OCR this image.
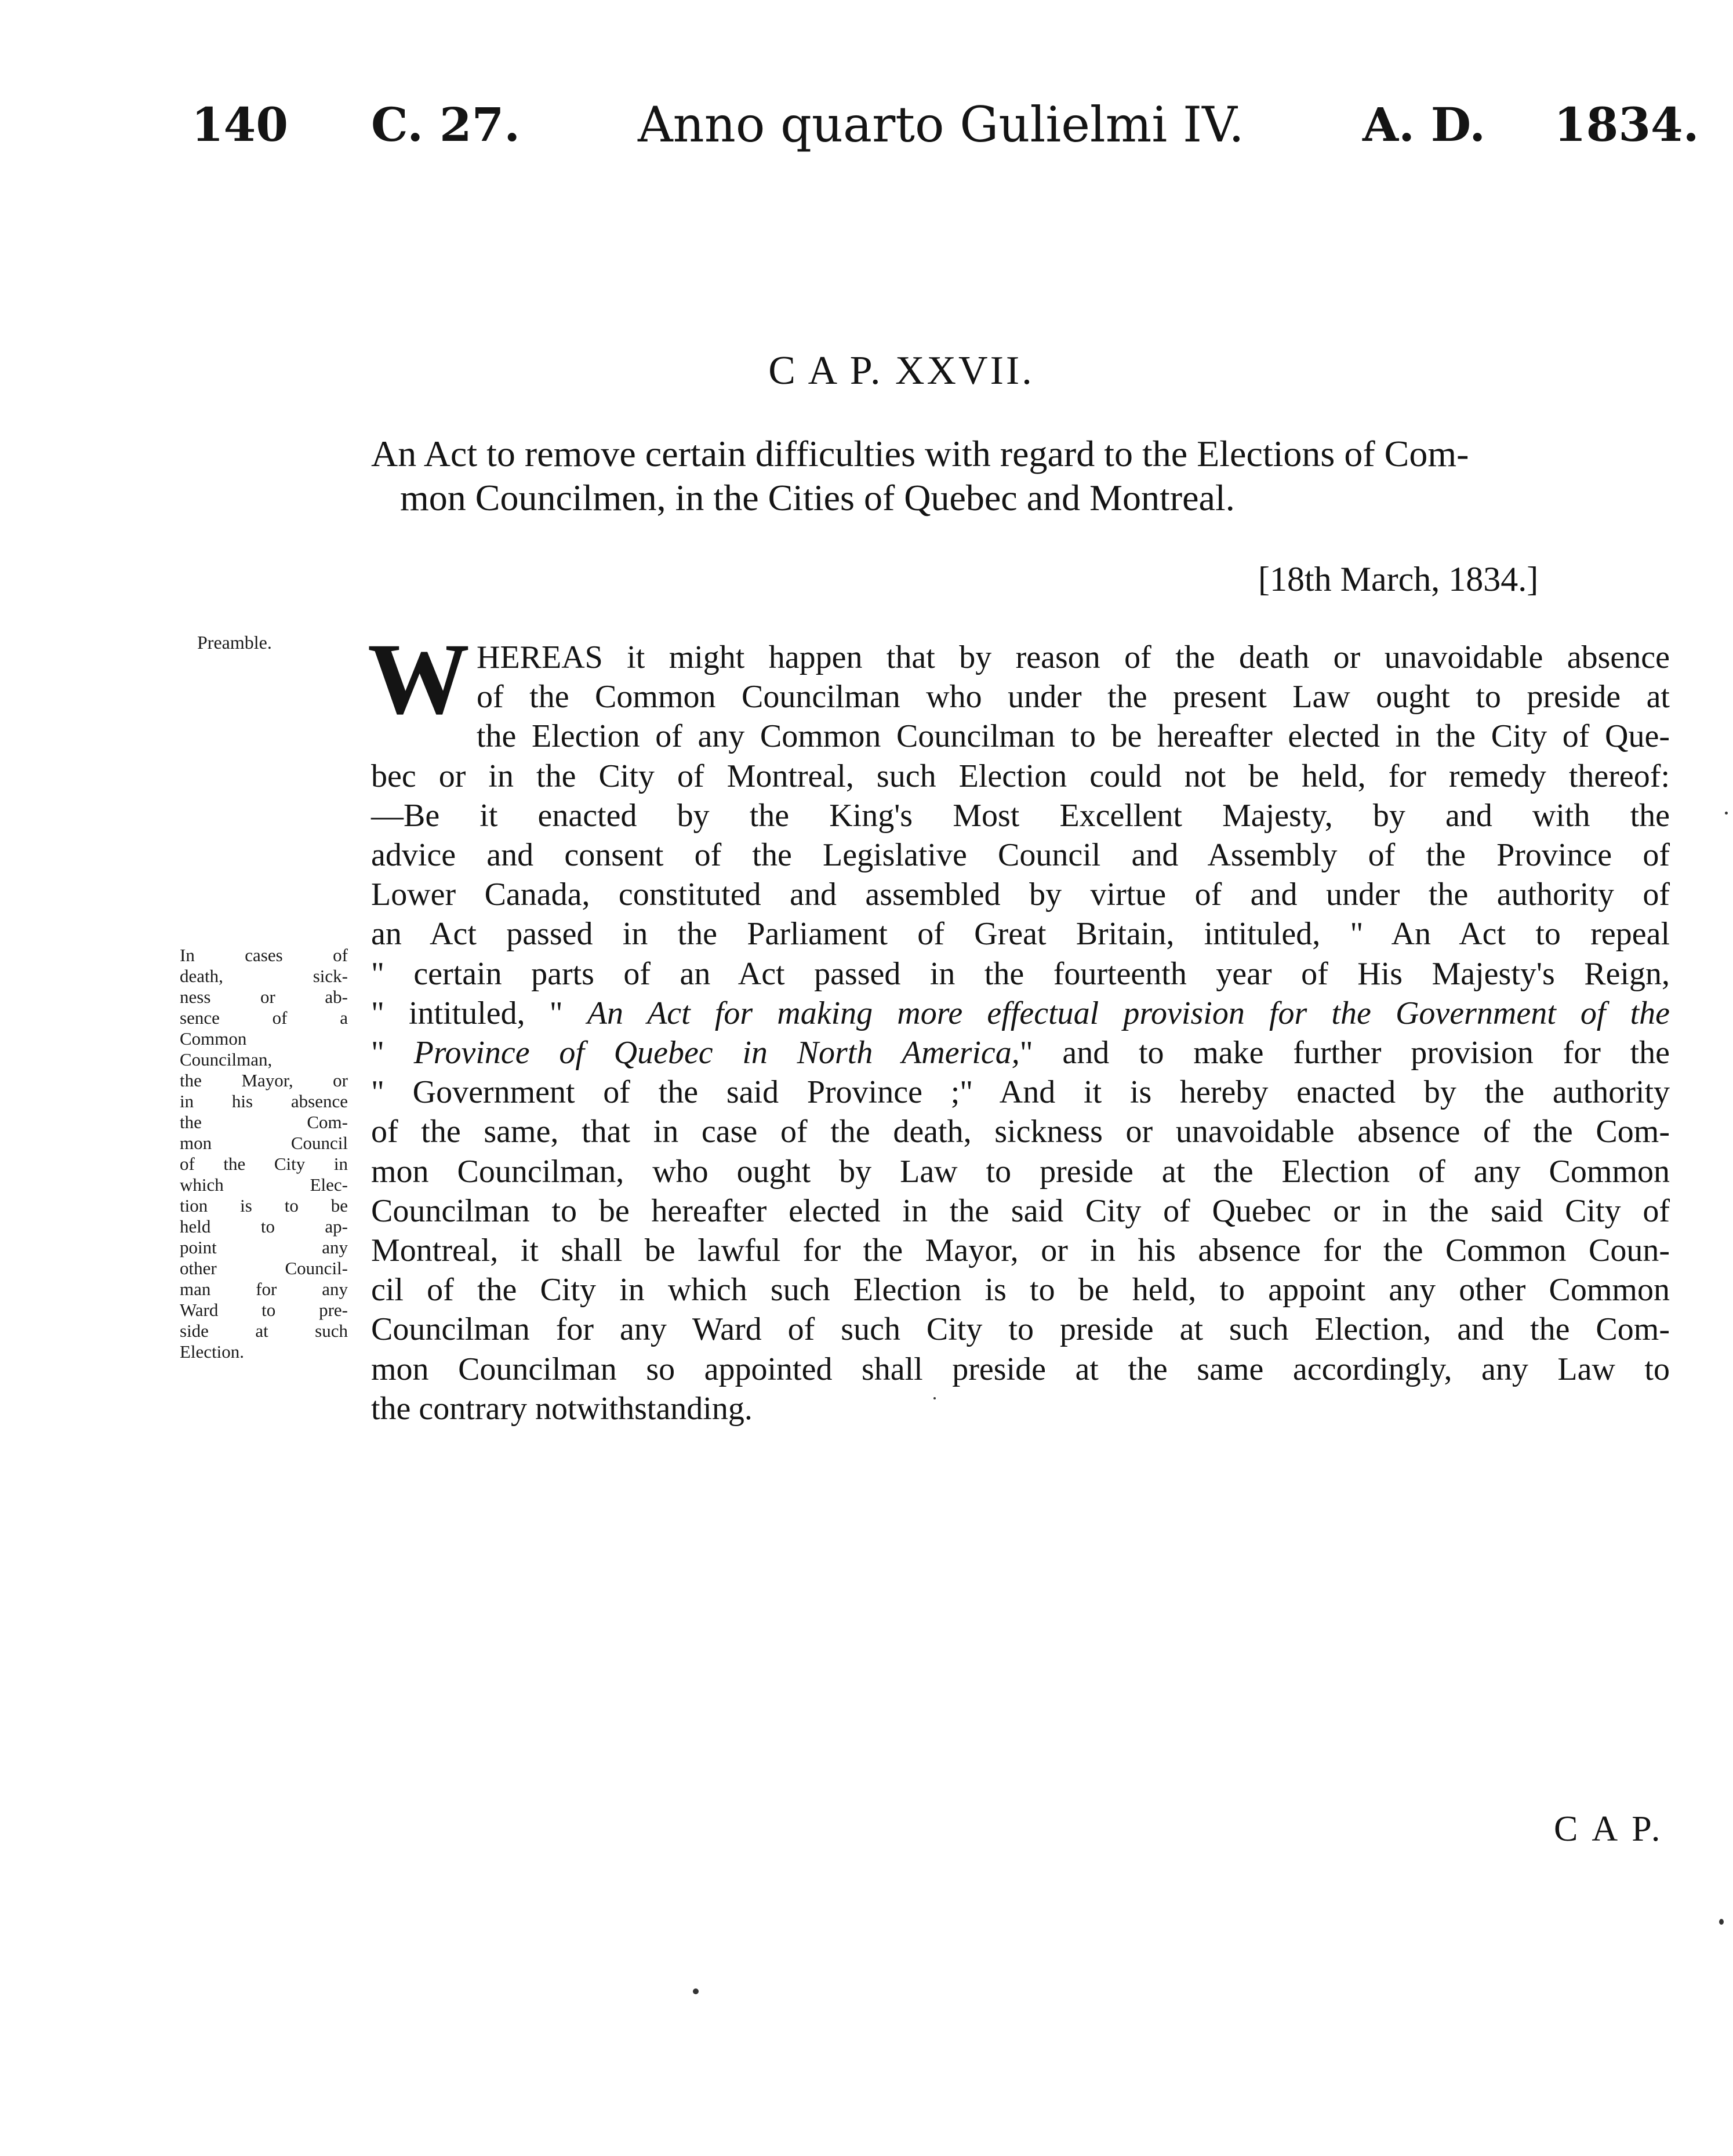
140 C. 27. Anno quarto Gulielmi IV.	A. D. 1834.
C A P. XXVII.
An Act to remove certain difficulties with regard to the Elections of Com-
mon Councilmen, in the Cities of Quebec and Montreal.
[18th March, 1834.]
Preamble.
In cases of
death, sick-
ness or ab-
sence of a
Common
Councilman,
the Mayor, or
in his absence
the Com-
mon Council
of the City in
which Elec-
tion is to be
held to ap-
point any
other Council-
man for any
Ward to pre-
side at such
Election.
W HEREAS it might happen that by reason of the death or unavoidable absence
of the Common Councilman who under the present Law ought to preside at
the Election of any Common Councilman to be hereafter elected in the City of Que-
bec or in the City of Montreal, such Election could not be held, for remedy thereof:
—Be it enacted by the King's Most Excellent Majesty, by and with the
advice and consent of the Legislative Council and Assembly of the Province of
Lower Canada, constituted and assembled by virtue of and under the authority of
an Act passed in the Parliament of Great Britain, intituled, " An Act to repeal
" certain parts of an Act passed in the fourteenth year of His Majesty's Reign,
" intituled, " An Act for making more effectual provision for the Government of the
" Province of Quebec in North America," and to make further provision for the
" Government of the said Province ;" And it is hereby enacted by the authority
of the same, that in case of the death, sickness or unavoidable absence of the Com-
mon Councilman, who ought by Law to preside at the Election of any Common
Councilman to be hereafter elected in the said City of Quebec or in the said City of
Montreal, it shall be lawful for the Mayor, or in his absence for the Common Coun-
cil of the City in which such Election is to be held, to appoint any other Common
Councilman for any Ward of such City to preside at such Election, and the Com-
mon Councilman so appointed shall preside at the same accordingly, any Law to
the contrary notwithstanding.
C A P.
